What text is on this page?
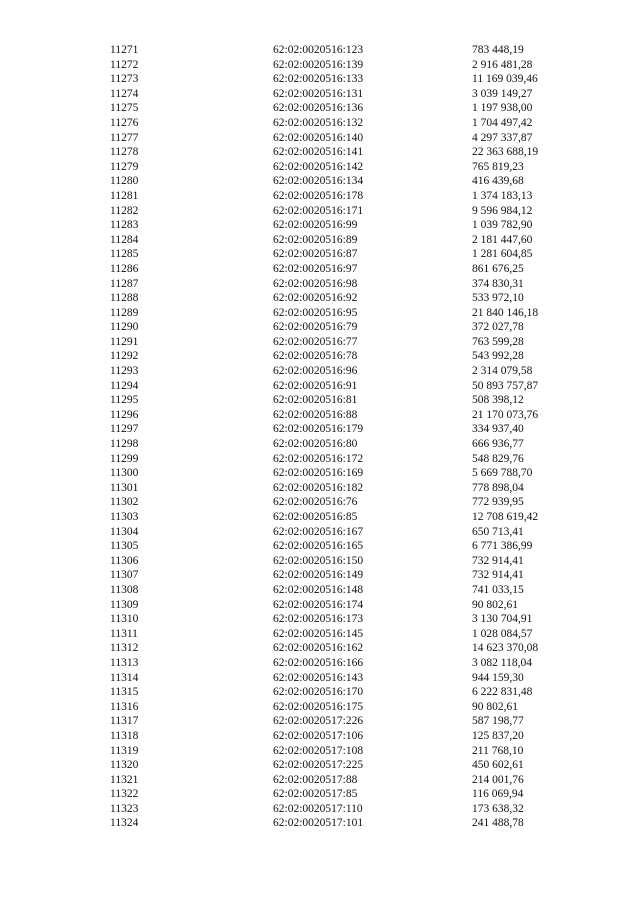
11271	62:02:0020516:123	783 448,19
11272	62:02:0020516:139	2 916 481,28
11273	62:02:0020516:133	11 169 039,46
11274	62:02:0020516:131	3 039 149,27
11275	62:02:0020516:136	1 197 938,00
11276	62:02:0020516:132	1 704 497,42
11277	62:02:0020516:140	4 297 337,87
11278	62:02:0020516:141	22 363 688,19
11279	62:02:0020516:142	765 819,23
11280	62:02:0020516:134	416 439,68
11281	62:02:0020516:178	1 374 183,13
11282	62:02:0020516:171	9 596 984,12
11283	62:02:0020516:99	1 039 782,90
11284	62:02:0020516:89	2 181 447,60
11285	62:02:0020516:87	1 281 604,85
11286	62:02:0020516:97	861 676,25
11287	62:02:0020516:98	374 830,31
11288	62:02:0020516:92	533 972,10
11289	62:02:0020516:95	21 840 146,18
11290	62:02:0020516:79	372 027,78
11291	62:02:0020516:77	763 599,28
11292	62:02:0020516:78	543 992,28
11293	62:02:0020516:96	2 314 079,58
11294	62:02:0020516:91	50 893 757,87
11295	62:02:0020516:81	508 398,12
11296	62:02:0020516:88	21 170 073,76
11297	62:02:0020516:179	334 937,40
11298	62:02:0020516:80	666 936,77
11299	62:02:0020516:172	548 829,76
11300	62:02:0020516:169	5 669 788,70
11301	62:02:0020516:182	778 898,04
11302	62:02:0020516:76	772 939,95
11303	62:02:0020516:85	12 708 619,42
11304	62:02:0020516:167	650 713,41
11305	62:02:0020516:165	6 771 386,99
11306	62:02:0020516:150	732 914,41
11307	62:02:0020516:149	732 914,41
11308	62:02:0020516:148	741 033,15
11309	62:02:0020516:174	90 802,61
11310	62:02:0020516:173	3 130 704,91
11311	62:02:0020516:145	1 028 084,57
11312	62:02:0020516:162	14 623 370,08
11313	62:02:0020516:166	3 082 118,04
11314	62:02:0020516:143	944 159,30
11315	62:02:0020516:170	6 222 831,48
11316	62:02:0020516:175	90 802,61
11317	62:02:0020517:226	587 198,77
11318	62:02:0020517:106	125 837,20
11319	62:02:0020517:108	211 768,10
11320	62:02:0020517:225	450 602,61
11321	62:02:0020517:88	214 001,76
11322	62:02:0020517:85	116 069,94
11323	62:02:0020517:110	173 638,32
11324	62:02:0020517:101	241 488,78
